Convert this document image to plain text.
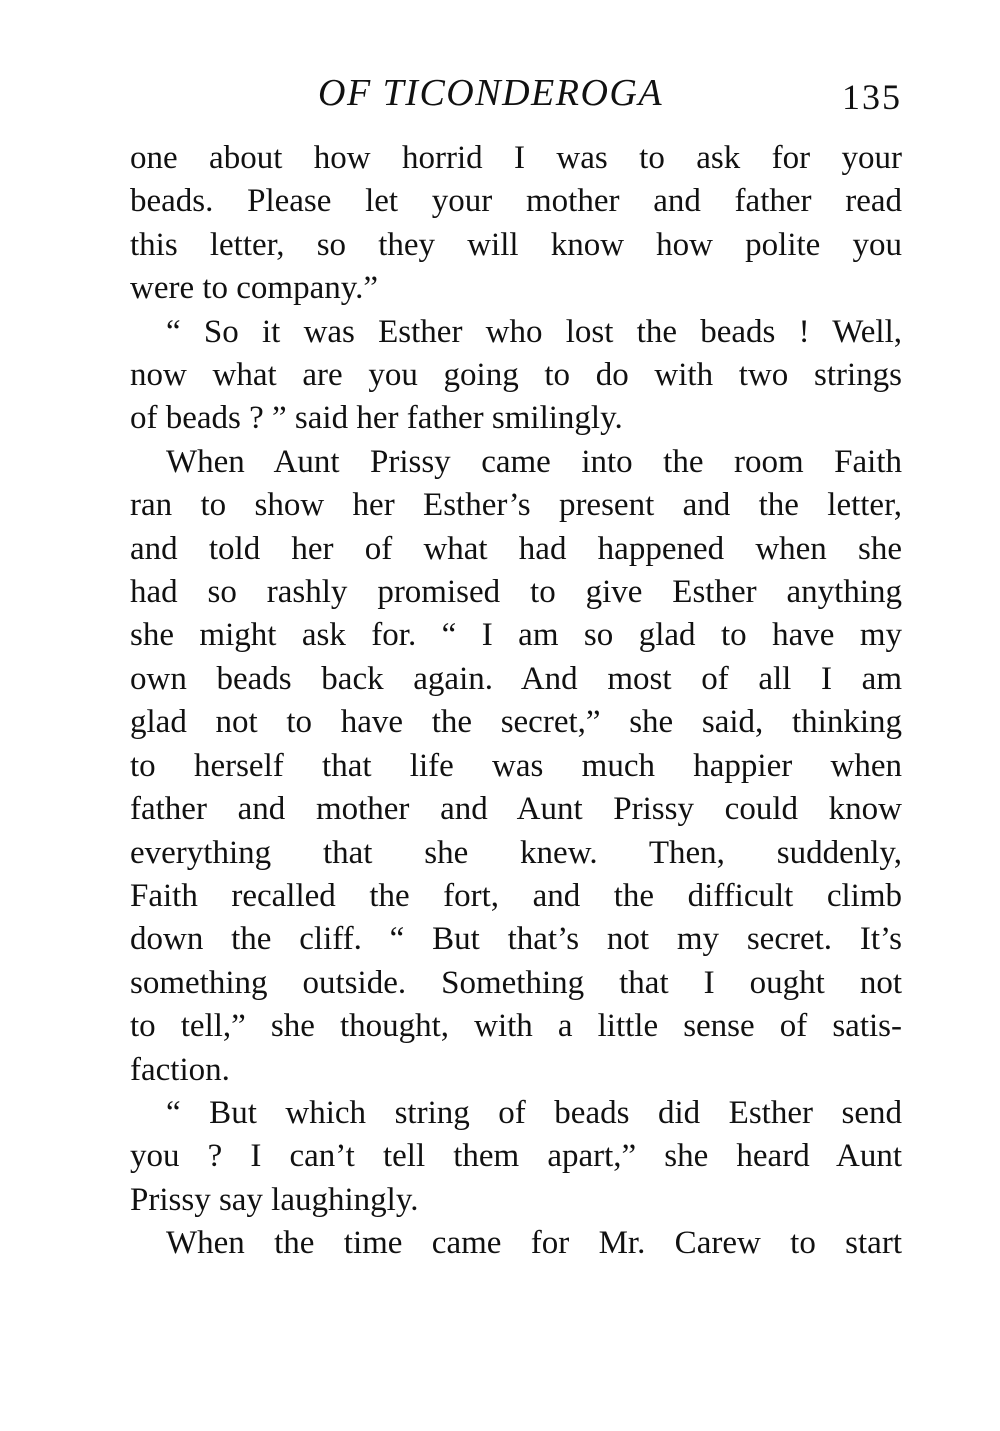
OF TICONDEROGA	135
one about how horrid I was to ask for your
beads. Please let your mother and father read
this letter, so they will know how polite you
were to company.”
“ So it was Esther who lost the beads ! Well,
now what are you going to do with two strings
of beads ? ” said her father smilingly.
When Aunt Prissy came into the room Faith
ran to show her Esther’s present and the letter,
and told her of what had happened when she
had so rashly promised to give Esther anything
she might ask for. “ I am so glad to have my
own beads back again. And most of all I am
glad not to have the secret,” she said, thinking
to herself that life was much happier when
father and mother and Aunt Prissy could know
everything that she knew. Then, suddenly,
Faith recalled the fort, and the difficult climb
down the cliff. “ But that’s not my secret. It’s
something outside. Something that I ought not
to tell,” she thought, with a little sense of satis-
faction.
“ But which string of beads did Esther send
you ? I can’t tell them apart,” she heard Aunt
Prissy say laughingly.
When the time came for Mr. Carew to start
